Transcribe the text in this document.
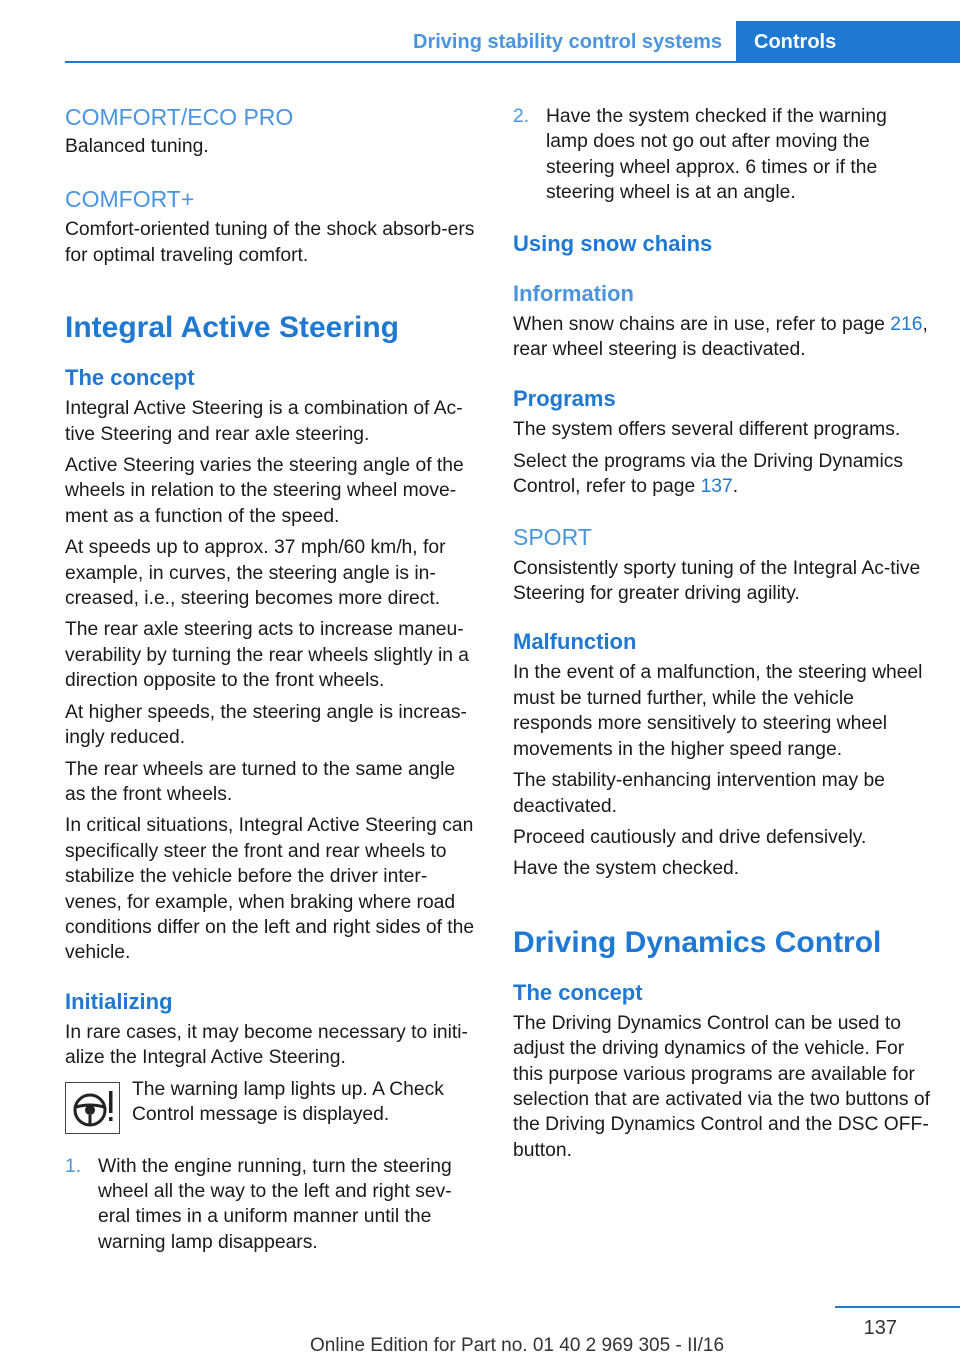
Driving stability control systems Controls
COMFORT/ECO PRO

Balanced tuning.

COMFORT+

Comfort-oriented tuning of the shock absorb-ers for optimal traveling comfort.

Integral Active Steering
The concept

Integral Active Steering is a combination of Ac-tive Steering and rear axle steering.

Active Steering varies the steering angle of the wheels in relation to the steering wheel move-ment as a function of the speed.

At speeds up to approx. 37 mph/60 km/h, for example, in curves, the steering angle is in-creased, i.e., steering becomes more direct.

The rear axle steering acts to increase maneu-verability by turning the rear wheels slightly in a direction opposite to the front wheels.

At higher speeds, the steering angle is increas-ingly reduced.

The rear wheels are turned to the same angle as the front wheels.

In critical situations, Integral Active Steering can specifically steer the front and rear wheels to stabilize the vehicle before the driver inter-venes, for example, when braking where road conditions differ on the left and right sides of the vehicle.

Initializing

In rare cases, it may become necessary to initi-alize the Integral Active Steering.

The warning lamp lights up. A Check Control message is displayed.

1. With the engine running, turn the steering wheel all the way to the left and right sev-eral times in a uniform manner until the warning lamp disappears.

2. Have the system checked if the warning lamp does not go out after moving the steering wheel approx. 6 times or if the steering wheel is at an angle.

Using snow chains
Information

When snow chains are in use, refer to page 216, rear wheel steering is deactivated.

Programs

The system offers several different programs.

Select the programs via the Driving Dynamics Control, refer to page 137.

SPORT

Consistently sporty tuning of the Integral Ac-tive Steering for greater driving agility.

Malfunction

In the event of a malfunction, the steering wheel must be turned further, while the vehicle responds more sensitively to steering wheel movements in the higher speed range.

The stability-enhancing intervention may be deactivated.

Proceed cautiously and drive defensively.

Have the system checked.

Driving Dynamics Control
The concept

The Driving Dynamics Control can be used to adjust the driving dynamics of the vehicle. For this purpose various programs are available for selection that are activated via the two buttons of the Driving Dynamics Control and the DSC OFF-button.

137
Online Edition for Part no. 01 40 2 969 305 - II/16
